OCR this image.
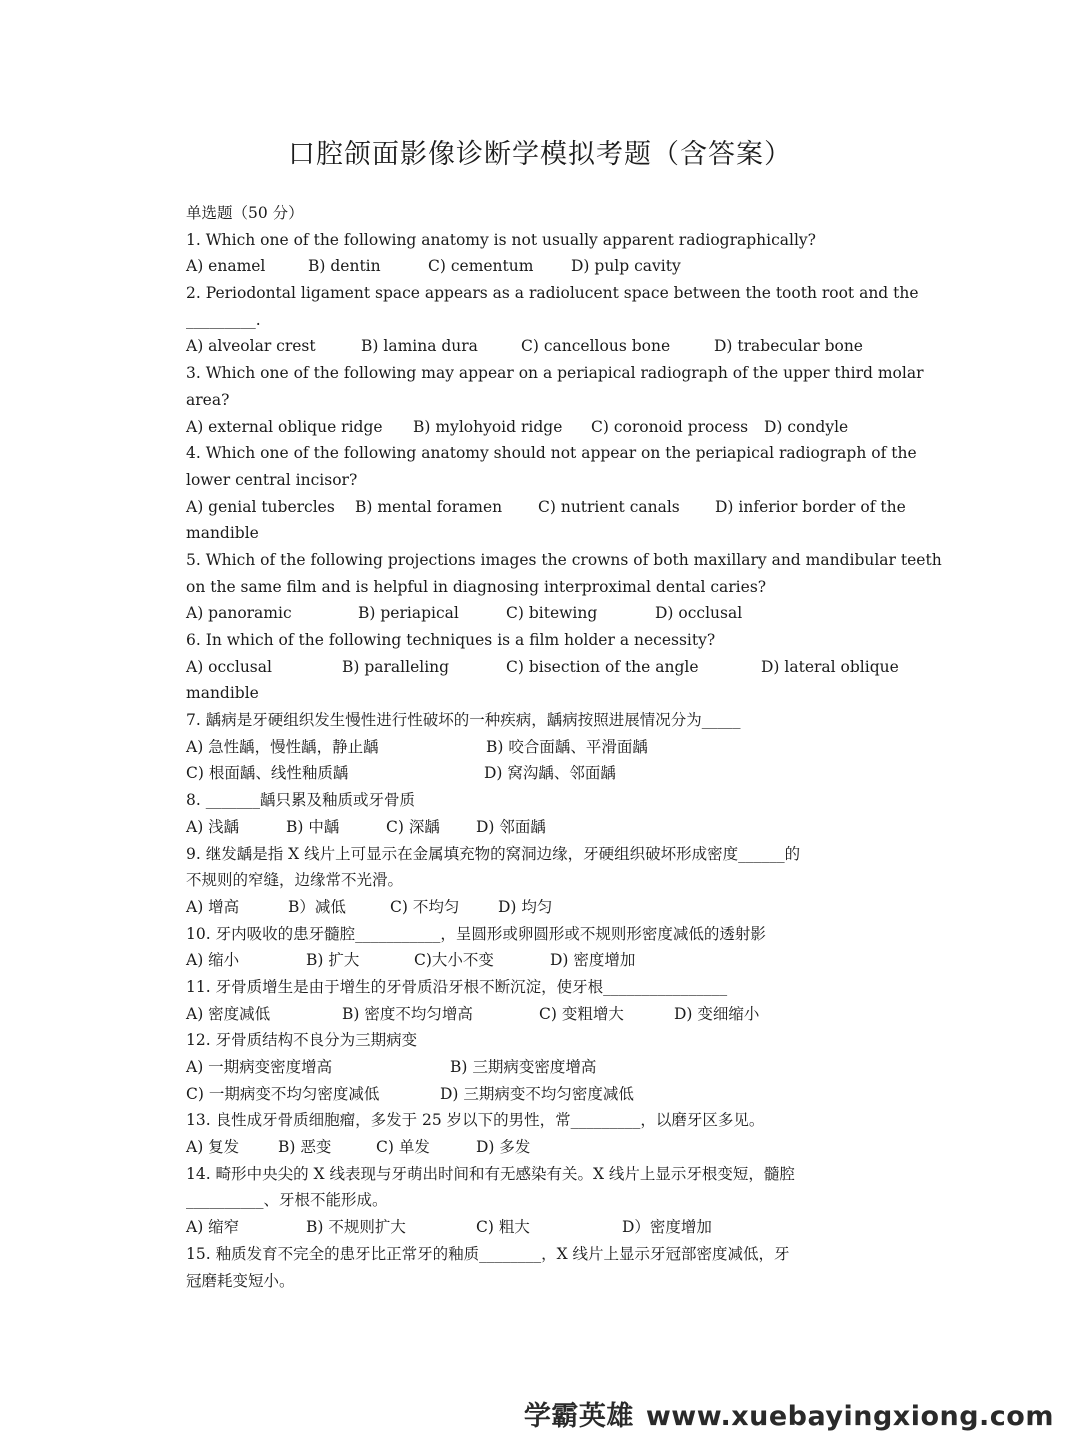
口腔颌面影像诊断学模拟考题（含答案）
单选题（50 分）
1. Which one of the following anatomy is not usually apparent radiographically?
A) enamel	B) dentin	C) cementum D) pulp cavity
2. Periodontal ligament space appears as a radiolucent space between the tooth root and the
_________.
A) alveolar crest	B) lamina dura	C) cancellous bone	D) trabecular bone
3. Which one of the following may appear on a periapical radiograph of the upper third molar
area?
A) external oblique ridge B) mylohyoid ridge C) coronoid process D) condyle
4. Which one of the following anatomy should not appear on the periapical radiograph of the
lower central incisor?
A) genial tubercles B) mental foramen C) nutrient canals D) inferior border of the
mandible
5. Which of the following projections images the crowns of both maxillary and mandibular teeth
on the same film and is helpful in diagnosing interproximal dental caries?
A) panoramic	B) periapical	C) bitewing	D) occlusal
6. In which of the following techniques is a film holder a necessity?
A) occlusal	B) paralleling	C) bisection of the angle	D) lateral oblique
mandible
7. 龋病是牙硬组织发生慢性进行性破坏的一种疾病，龋病按照进展情况分为_____
A) 急性龋，慢性龋，静止龋	B) 咬合面龋、平滑面龋
C) 根面龋、线性釉质龋	D) 窝沟龋、邻面龋
8. _______龋只累及釉质或牙骨质
A) 浅龋	B) 中龋	C) 深龋 D) 邻面龋
9. 继发龋是指 X 线片上可显示在金属填充物的窝洞边缘，牙硬组织破坏形成密度______的
不规则的窄缝，边缘常不光滑。
A) 增高	B）减低	C) 不均匀 D) 均匀
10. 牙内吸收的患牙髓腔___________，呈圆形或卵圆形或不规则形密度减低的透射影
A) 缩小	B) 扩大	C)大小不变	D) 密度增加
11. 牙骨质增生是由于增生的牙骨质沿牙根不断沉淀，使牙根________________
A) 密度减低	B) 密度不均匀增高	C) 变粗增大	D) 变细缩小
12. 牙骨质结构不良分为三期病变
A) 一期病变密度增高	B) 三期病变密度增高
C) 一期病变不均匀密度减低	D) 三期病变不均匀密度减低
13. 良性成牙骨质细胞瘤，多发于 25 岁以下的男性，常_________，以磨牙区多见。
A) 复发	B) 恶变	C) 单发	D) 多发
14. 畸形中央尖的 X 线表现与牙萌出时间和有无感染有关。X 线片上显示牙根变短，髓腔
__________、牙根不能形成。
A) 缩窄	B) 不规则扩大	C) 粗大	D）密度增加
15. 釉质发育不完全的患牙比正常牙的釉质________，X 线片上显示牙冠部密度减低，牙
冠磨耗变短小。
学霸英雄 www.xuebayingxiong.com
